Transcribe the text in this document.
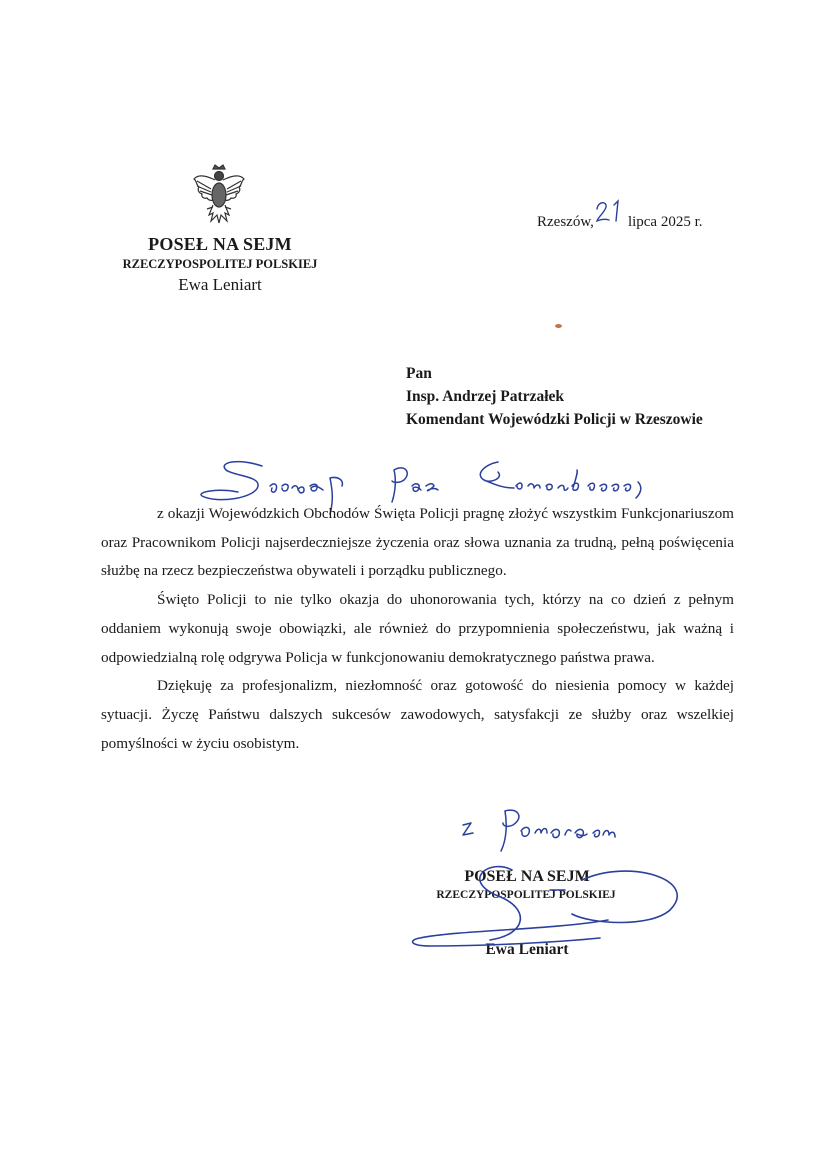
POSEŁ NA SEJM
RZECZYPOSPOLITEJ POLSKIEJ
Ewa Leniart
Rzeszów, lipca 2025 r.
Pan
Insp. Andrzej Patrzałek
Komendant Wojewódzki Policji w Rzeszowie

z okazji Wojewódzkich Obchodów Święta Policji pragnę złożyć wszystkim Funkcjonariuszom oraz Pracownikom Policji najserdeczniejsze życzenia oraz słowa uznania za trudną, pełną poświęcenia służbę na rzecz bezpieczeństwa obywateli i porządku publicznego.

Święto Policji to nie tylko okazja do uhonorowania tych, którzy na co dzień z pełnym oddaniem wykonują swoje obowiązki, ale również do przypomnienia społeczeństwu, jak ważną i odpowiedzialną rolę odgrywa Policja w funkcjonowaniu demokratycznego państwa prawa.

Dziękuję za profesjonalizm, niezłomność oraz gotowość do niesienia pomocy w każdej sytuacji. Życzę Państwu dalszych sukcesów zawodowych, satysfakcji ze służby oraz wszelkiej pomyślności w życiu osobistym.

POSEŁ NA SEJM
RZECZYPOSPOLITEJ POLSKIEJ
Ewa Leniart
